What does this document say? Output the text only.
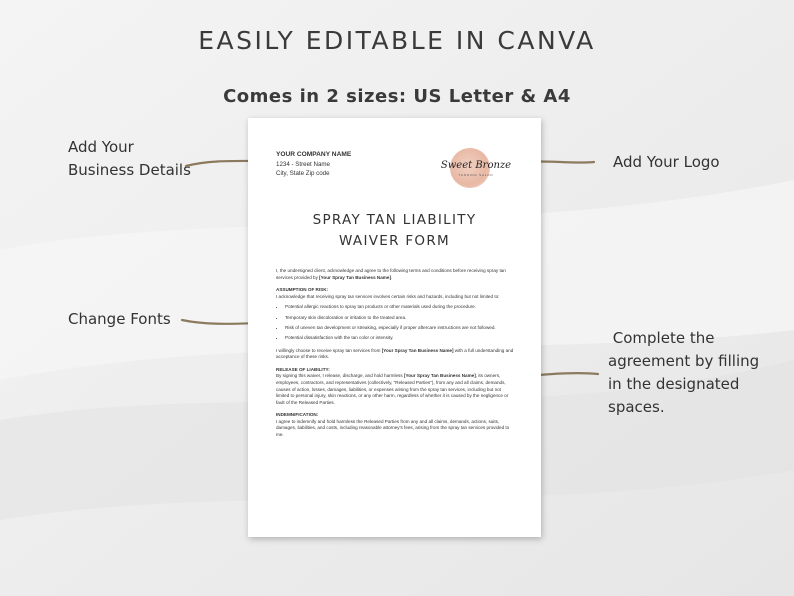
EASILY EDITABLE IN CANVA
Comes in 2 sizes: US Letter & A4
Add Your
Business Details	Add Your Logo
Change Fonts
Complete the
agreement by filling
in the designated
spaces.
YOUR COMPANY NAME
1234 - Street Name
City, State Zip code
Sweet Bronze
TANNING SALON
SPRAY TAN LIABILITY
WAIVER FORM

I, the undersigned client, acknowledge and agree to the following terms and conditions before receiving spray tan services provided by [Your Spray Tan Business Name].

ASSUMPTION OF RISK:
I acknowledge that receiving spray tan services involves certain risks and hazards, including but not limited to:
• Potential allergic reactions to spray tan products or other materials used during the procedure.
• Temporary skin discoloration or irritation to the treated area.
• Risk of uneven tan development or streaking, especially if proper aftercare instructions are not followed.
• Potential dissatisfaction with the tan color or intensity.

I willingly choose to receive spray tan services from [Your Spray Tan Business Name] with a full understanding and acceptance of these risks.

RELEASE OF LIABILITY:

By signing this waiver, I release, discharge, and hold harmless [Your Spray Tan Business Name], its owners, employees, contractors, and representatives (collectively, "Released Parties"), from any and all claims, demands, causes of action, losses, damages, liabilities, or expenses arising from the spray tan services, including but not limited to personal injury, skin reactions, or any other harm, regardless of whether it is caused by the negligence or fault of the Released Parties.

INDEMNIFICATION:

I agree to indemnify and hold harmless the Released Parties from any and all claims, demands, actions, suits, damages, liabilities, and costs, including reasonable attorney's fees, arising from the spray tan services provided to me.
